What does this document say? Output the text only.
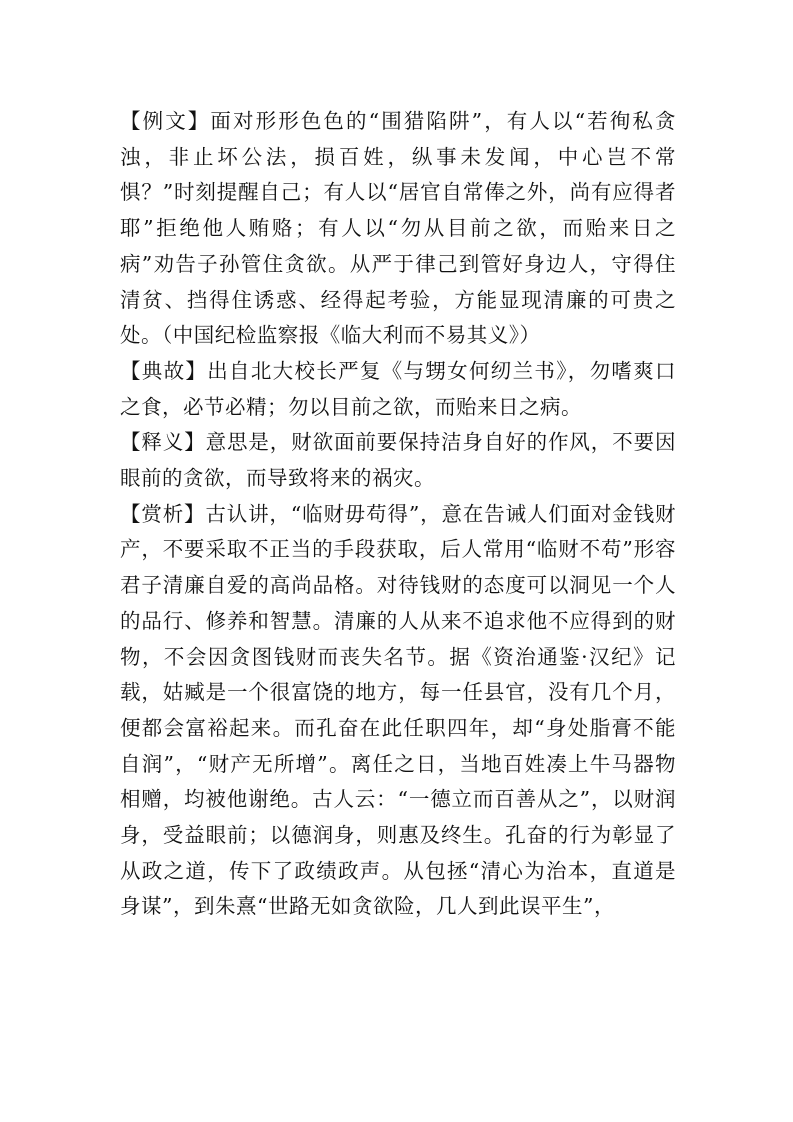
【例文】面对形形色色的“围猎陷阱”，有人以“若徇私贪浊，非止坏公法，损百姓，纵事未发闻，中心岂不常惧？”时刻提醒自己；有人以“居官自常俸之外，尚有应得者耶”拒绝他人贿赂；有人以“勿从目前之欲，而贻来日之病”劝告子孙管住贪欲。从严于律己到管好身边人，守得住清贫、挡得住诱惑、经得起考验，方能显现清廉的可贵之处。（中国纪检监察报《临大利而不易其义》）

【典故】出自北大校长严复《与甥女何纫兰书》，勿嗜爽口之食，必节必精；勿以目前之欲，而贻来日之病。

【释义】意思是，财欲面前要保持洁身自好的作风，不要因眼前的贪欲，而导致将来的祸灾。

【赏析】古认讲，“临财毋苟得”，意在告诫人们面对金钱财产，不要采取不正当的手段获取，后人常用“临财不苟”形容君子清廉自爱的高尚品格。对待钱财的态度可以洞见一个人的品行、修养和智慧。清廉的人从来不追求他不应得到的财物，不会因贪图钱财而丧失名节。据《资治通鉴·汉纪》记载，姑臧是一个很富饶的地方，每一任县官，没有几个月，便都会富裕起来。而孔奋在此任职四年，却“身处脂膏不能自润”，“财产无所增”。离任之日，当地百姓凑上牛马器物相赠，均被他谢绝。古人云：“一德立而百善从之”，以财润身，受益眼前；以德润身，则惠及终生。孔奋的行为彰显了从政之道，传下了政绩政声。从包拯“清心为治本，直道是身谋”，到朱熹“世路无如贪欲险，几人到此误平生”，
